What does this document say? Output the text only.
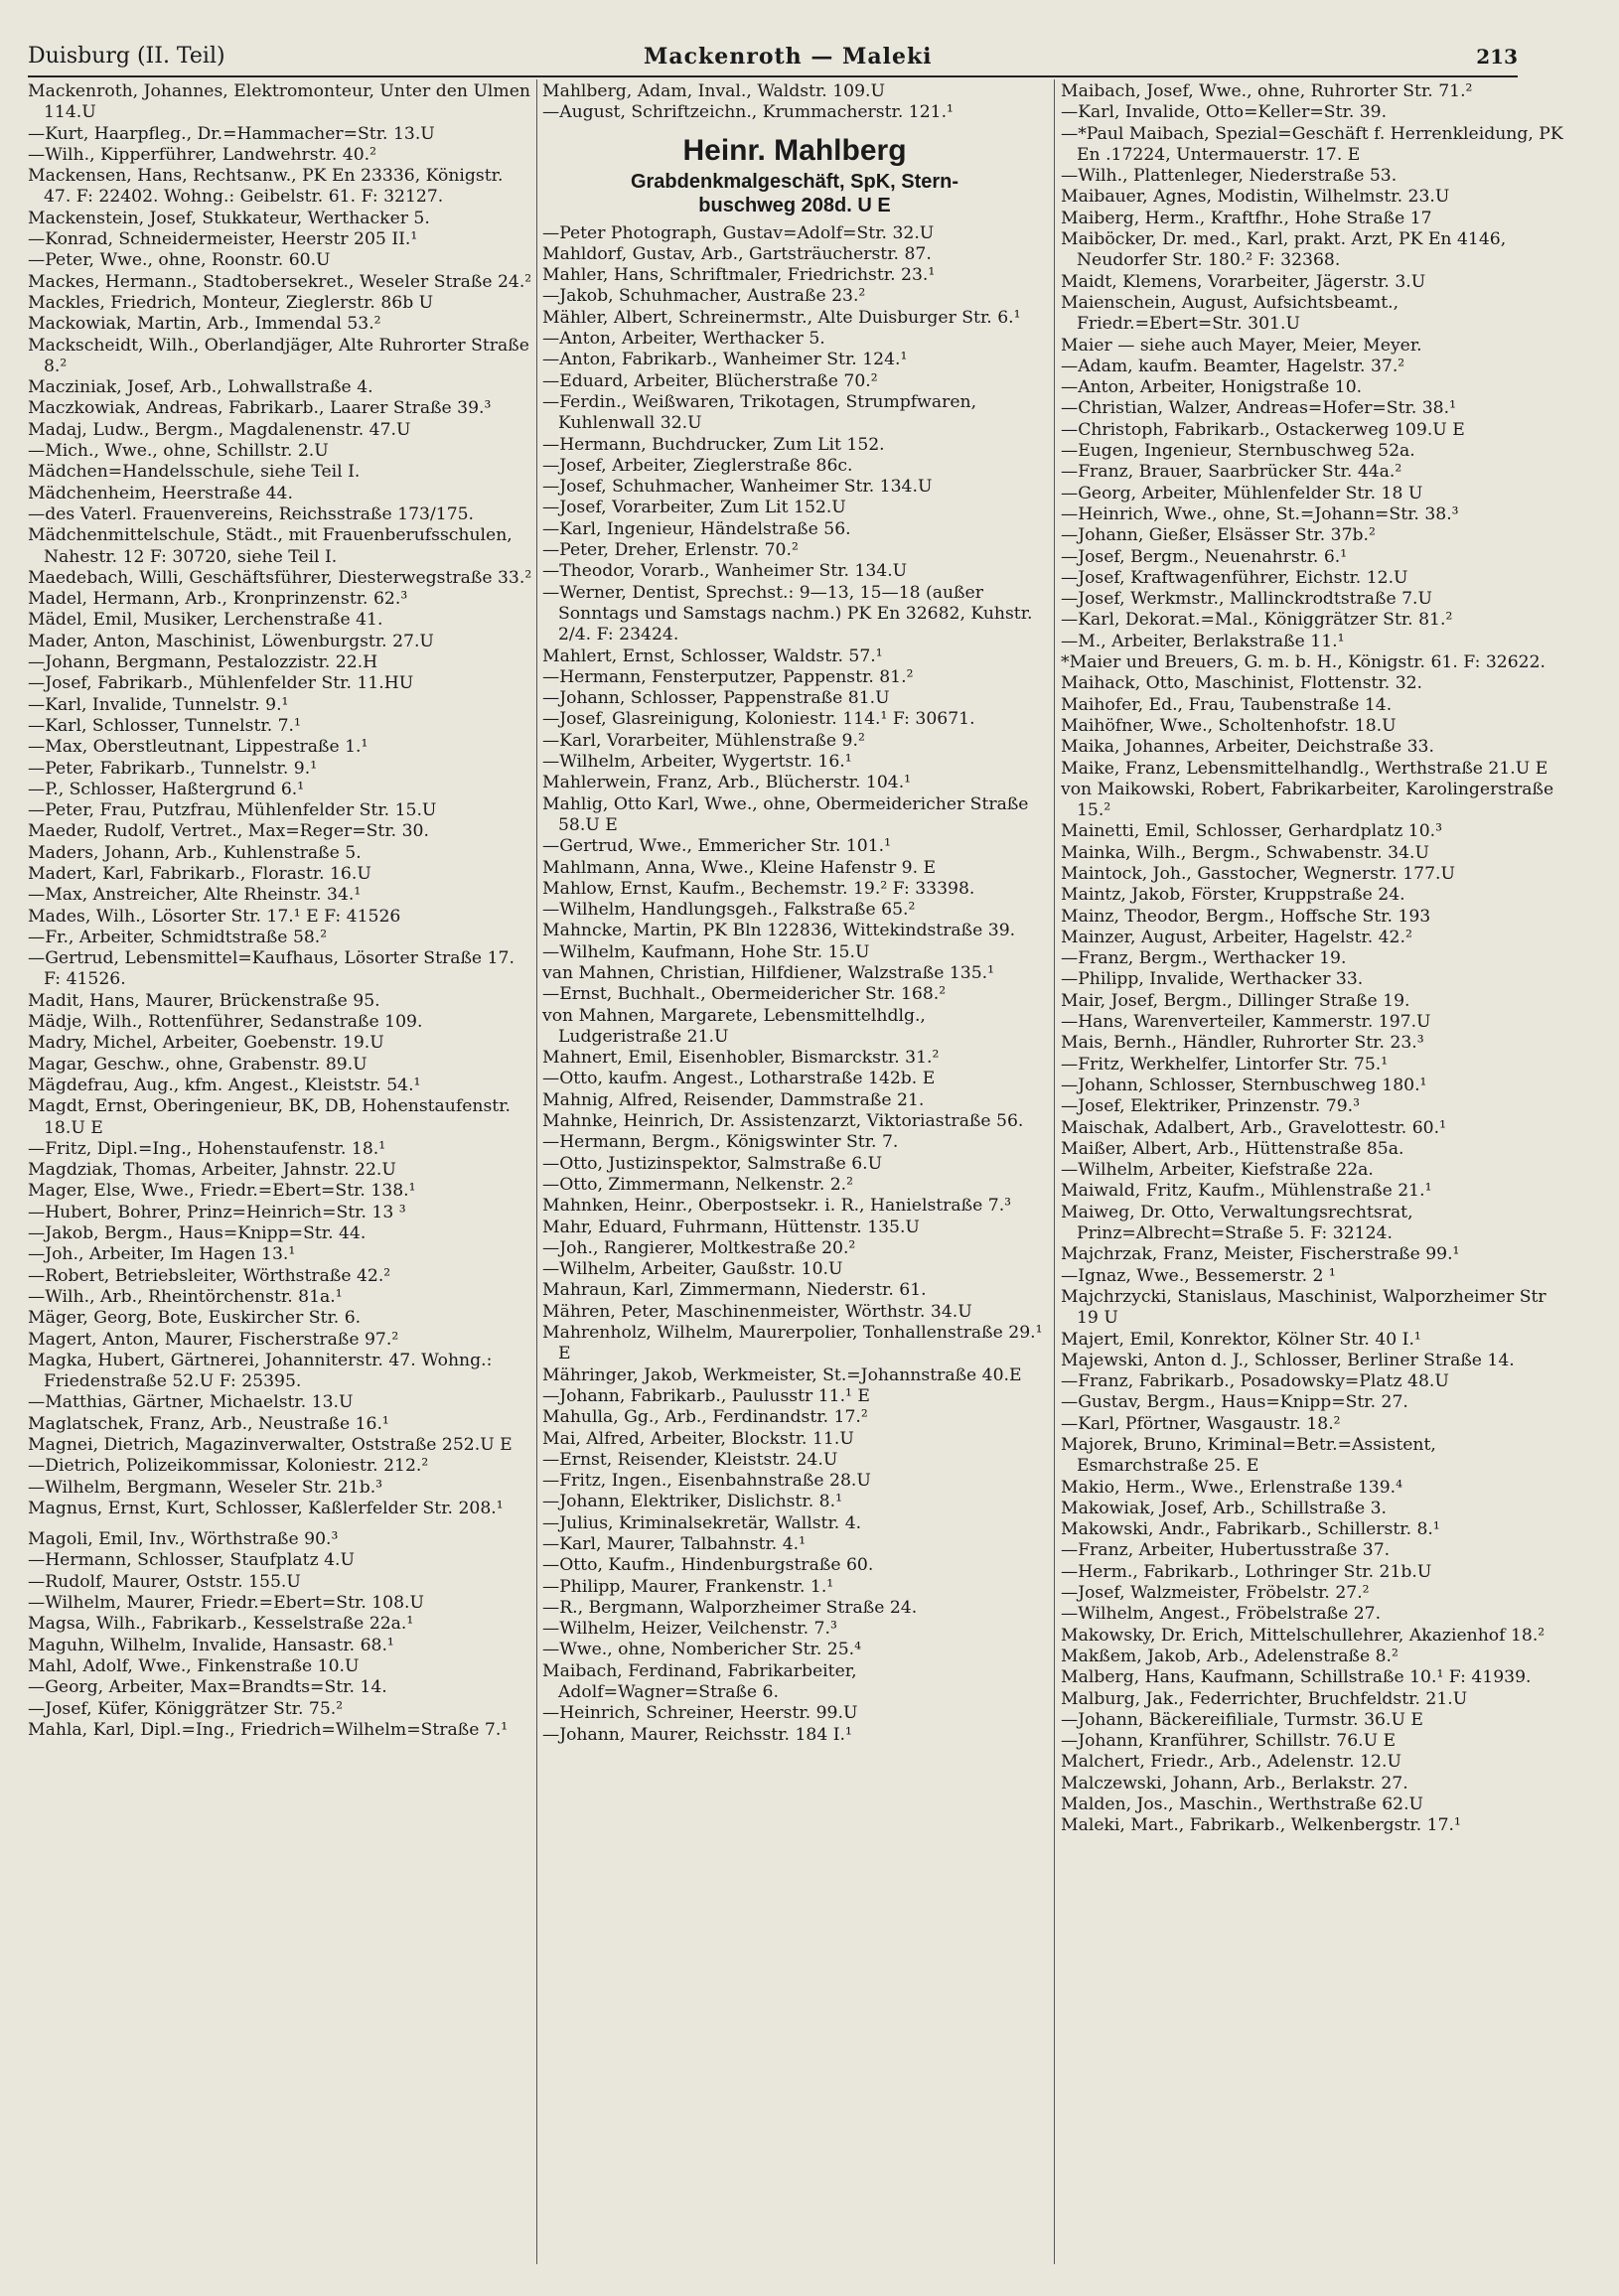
Duisburg (II. Teil)	Mackenroth — Maleki	213
Mackenroth, Johannes, Elektromonteur, Unter den Ulmen 114.U
—Kurt, Haarpfleg., Dr.=Hammacher=Str. 13.U
—Wilh., Kipperführer, Landwehrstr. 40.²
Mackensen, Hans, Rechtsanw., PK En 23336, Königstr. 47. F: 22402. Wohng.: Geibelstr. 61. F: 32127.
Mackenstein, Josef, Stukkateur, Werthacker 5.
—Konrad, Schneidermeister, Heerstr 205 II.¹
—Peter, Wwe., ohne, Roonstr. 60.U
Mackes, Hermann., Stadtobersekret., Weseler Straße 24.²
Mackles, Friedrich, Monteur, Zieglerstr. 86b U
Mackowiak, Martin, Arb., Immendal 53.²
Mackscheidt, Wilh., Oberlandjäger, Alte Ruhrorter Straße 8.²
Macziniak, Josef, Arb., Lohwallstraße 4.
Maczkowiak, Andreas, Fabrikarb., Laarer Straße 39.³
Madaj, Ludw., Bergm., Magdalenenstr. 47.U
—Mich., Wwe., ohne, Schillstr. 2.U
Mädchen=Handelsschule, siehe Teil I.
Mädchenheim, Heerstraße 44.
—des Vaterl. Frauenvereins, Reichsstraße 173/175.
Mädchenmittelschule, Städt., mit Frauenberufsschulen, Nahestr. 12 F: 30720, siehe Teil I.
Maedebach, Willi, Geschäftsführer, Diesterwegstraße 33.²
Madel, Hermann, Arb., Kronprinzenstr. 62.³
Mädel, Emil, Musiker, Lerchenstraße 41.
Mader, Anton, Maschinist, Löwenburgstr. 27.U
—Johann, Bergmann, Pestalozzistr. 22.H
—Josef, Fabrikarb., Mühlenfelder Str. 11.HU
—Karl, Invalide, Tunnelstr. 9.¹
—Karl, Schlosser, Tunnelstr. 7.¹
—Max, Oberstleutnant, Lippestraße 1.¹
—Peter, Fabrikarb., Tunnelstr. 9.¹
—P., Schlosser, Haßtergrund 6.¹
—Peter, Frau, Putzfrau, Mühlenfelder Str. 15.U
Maeder, Rudolf, Vertret., Max=Reger=Str. 30.
Maders, Johann, Arb., Kuhlenstraße 5.
Madert, Karl, Fabrikarb., Florastr. 16.U
—Max, Anstreicher, Alte Rheinstr. 34.¹
Mades, Wilh., Lösorter Str. 17.¹ E F: 41526
—Fr., Arbeiter, Schmidtstraße 58.²
—Gertrud, Lebensmittel=Kaufhaus, Lösorter Straße 17. F: 41526.
Madit, Hans, Maurer, Brückenstraße 95.
Mädje, Wilh., Rottenführer, Sedanstraße 109.
Madry, Michel, Arbeiter, Goebenstr. 19.U
Magar, Geschw., ohne, Grabenstr. 89.U
Mägdefrau, Aug., kfm. Angest., Kleiststr. 54.¹
Magdt, Ernst, Oberingenieur, BK, DB, Hohenstaufenstr. 18.U E
—Fritz, Dipl.=Ing., Hohenstaufenstr. 18.¹
Magdziak, Thomas, Arbeiter, Jahnstr. 22.U
Mager, Else, Wwe., Friedr.=Ebert=Str. 138.¹
—Hubert, Bohrer, Prinz=Heinrich=Str. 13 ³
—Jakob, Bergm., Haus=Knipp=Str. 44.
—Joh., Arbeiter, Im Hagen 13.¹
—Robert, Betriebsleiter, Wörthstraße 42.²
—Wilh., Arb., Rheintörchenstr. 81a.¹
Mäger, Georg, Bote, Euskircher Str. 6.
Magert, Anton, Maurer, Fischerstraße 97.²
Magka, Hubert, Gärtnerei, Johanniterstr. 47. Wohng.: Friedenstraße 52.U F: 25395.
—Matthias, Gärtner, Michaelstr. 13.U
Maglatschek, Franz, Arb., Neustraße 16.¹
Magnei, Dietrich, Magazinverwalter, Oststraße 252.U E
—Dietrich, Polizeikommissar, Koloniestr. 212.²
—Wilhelm, Bergmann, Weseler Str. 21b.³
Magnus, Ernst, Kurt, Schlosser, Kaßlerfelder Str. 208.¹
Magoli, Emil, Inv., Wörthstraße 90.³
—Hermann, Schlosser, Staufplatz 4.U
—Rudolf, Maurer, Oststr. 155.U
—Wilhelm, Maurer, Friedr.=Ebert=Str. 108.U
Magsa, Wilh., Fabrikarb., Kesselstraße 22a.¹
Maguhn, Wilhelm, Invalide, Hansastr. 68.¹
Mahl, Adolf, Wwe., Finkenstraße 10.U
—Georg, Arbeiter, Max=Brandts=Str. 14.
—Josef, Küfer, Königgrätzer Str. 75.²
Mahla, Karl, Dipl.=Ing., Friedrich=Wilhelm=Straße 7.¹
Mahlberg, Adam, Inval., Waldstr. 109.U
—August, Schriftzeichn., Krummacherstr. 121.¹
Heinr. Mahlberg
Grabdenkmalgeschäft, SpK, Stern-
buschweg 208d. U E
—Peter Photograph, Gustav=Adolf=Str. 32.U
Mahldorf, Gustav, Arb., Gartsträucherstr. 87.
Mahler, Hans, Schriftmaler, Friedrichstr. 23.¹
—Jakob, Schuhmacher, Austraße 23.²
Mähler, Albert, Schreinermstr., Alte Duisburger Str. 6.¹
—Anton, Arbeiter, Werthacker 5.
—Anton, Fabrikarb., Wanheimer Str. 124.¹
—Eduard, Arbeiter, Blücherstraße 70.²
—Ferdin., Weißwaren, Trikotagen, Strumpfwaren, Kuhlenwall 32.U
—Hermann, Buchdrucker, Zum Lit 152.
—Josef, Arbeiter, Zieglerstraße 86c.
—Josef, Schuhmacher, Wanheimer Str. 134.U
—Josef, Vorarbeiter, Zum Lit 152.U
—Karl, Ingenieur, Händelstraße 56.
—Peter, Dreher, Erlenstr. 70.²
—Theodor, Vorarb., Wanheimer Str. 134.U
—Werner, Dentist, Sprechst.: 9—13, 15—18 (außer Sonntags und Samstags nachm.) PK En 32682, Kuhstr. 2/4. F: 23424.
Mahlert, Ernst, Schlosser, Waldstr. 57.¹
—Hermann, Fensterputzer, Pappenstr. 81.²
—Johann, Schlosser, Pappenstraße 81.U
—Josef, Glasreinigung, Koloniestr. 114.¹ F: 30671.
—Karl, Vorarbeiter, Mühlenstraße 9.²
—Wilhelm, Arbeiter, Wygertstr. 16.¹
Mahlerwein, Franz, Arb., Blücherstr. 104.¹
Mahlig, Otto Karl, Wwe., ohne, Obermeidericher Straße 58.U E
—Gertrud, Wwe., Emmericher Str. 101.¹
Mahlmann, Anna, Wwe., Kleine Hafenstr 9. E
Mahlow, Ernst, Kaufm., Bechemstr. 19.² F: 33398.
—Wilhelm, Handlungsgeh., Falkstraße 65.²
Mahncke, Martin, PK Bln 122836, Wittekindstraße 39.
—Wilhelm, Kaufmann, Hohe Str. 15.U
van Mahnen, Christian, Hilfdiener, Walzstraße 135.¹
—Ernst, Buchhalt., Obermeidericher Str. 168.²
von Mahnen, Margarete, Lebensmittelhdlg., Ludgeristraße 21.U
Mahnert, Emil, Eisenhobler, Bismarckstr. 31.²
—Otto, kaufm. Angest., Lotharstraße 142b. E
Mahnig, Alfred, Reisender, Dammstraße 21.
Mahnke, Heinrich, Dr. Assistenzarzt, Viktoriastraße 56.
—Hermann, Bergm., Königswinter Str. 7.
—Otto, Justizinspektor, Salmstraße 6.U
—Otto, Zimmermann, Nelkenstr. 2.²
Mahnken, Heinr., Oberpostsekr. i. R., Hanielstraße 7.³
Mahr, Eduard, Fuhrmann, Hüttenstr. 135.U
—Joh., Rangierer, Moltkestraße 20.²
—Wilhelm, Arbeiter, Gaußstr. 10.U
Mahraun, Karl, Zimmermann, Niederstr. 61.
Mähren, Peter, Maschinenmeister, Wörthstr. 34.U
Mahrenholz, Wilhelm, Maurerpolier, Tonhallenstraße 29.¹ E
Mähringer, Jakob, Werkmeister, St.=Johannstraße 40.E
—Johann, Fabrikarb., Paulusstr 11.¹ E
Mahulla, Gg., Arb., Ferdinandstr. 17.²
Mai, Alfred, Arbeiter, Blockstr. 11.U
—Ernst, Reisender, Kleiststr. 24.U
—Fritz, Ingen., Eisenbahnstraße 28.U
—Johann, Elektriker, Dislichstr. 8.¹
—Julius, Kriminalsekretär, Wallstr. 4.
—Karl, Maurer, Talbahnstr. 4.¹
—Otto, Kaufm., Hindenburgstraße 60.
—Philipp, Maurer, Frankenstr. 1.¹
—R., Bergmann, Walporzheimer Straße 24.
—Wilhelm, Heizer, Veilchenstr. 7.³
—Wwe., ohne, Nombericher Str. 25.⁴
Maibach, Ferdinand, Fabrikarbeiter, Adolf=Wagner=Straße 6.
—Heinrich, Schreiner, Heerstr. 99.U
—Johann, Maurer, Reichsstr. 184 I.¹
Maibach, Josef, Wwe., ohne, Ruhrorter Str. 71.²
—Karl, Invalide, Otto=Keller=Str. 39.
—*Paul Maibach, Spezial=Geschäft f. Herrenkleidung, PK En .17224, Untermauerstr. 17. E
—Wilh., Plattenleger, Niederstraße 53.
Maibauer, Agnes, Modistin, Wilhelmstr. 23.U
Maiberg, Herm., Kraftfhr., Hohe Straße 17
Maiböcker, Dr. med., Karl, prakt. Arzt, PK En 4146, Neudorfer Str. 180.² F: 32368.
Maidt, Klemens, Vorarbeiter, Jägerstr. 3.U
Maienschein, August, Aufsichtsbeamt., Friedr.=Ebert=Str. 301.U
Maier — siehe auch Mayer, Meier, Meyer.
—Adam, kaufm. Beamter, Hagelstr. 37.²
—Anton, Arbeiter, Honigstraße 10.
—Christian, Walzer, Andreas=Hofer=Str. 38.¹
—Christoph, Fabrikarb., Ostackerweg 109.U E
—Eugen, Ingenieur, Sternbuschweg 52a.
—Franz, Brauer, Saarbrücker Str. 44a.²
—Georg, Arbeiter, Mühlenfelder Str. 18 U
—Heinrich, Wwe., ohne, St.=Johann=Str. 38.³
—Johann, Gießer, Elsässer Str. 37b.²
—Josef, Bergm., Neuenahrstr. 6.¹
—Josef, Kraftwagenführer, Eichstr. 12.U
—Josef, Werkmstr., Mallinckrodtstraße 7.U
—Karl, Dekorat.=Mal., Königgrätzer Str. 81.²
—M., Arbeiter, Berlakstraße 11.¹
*Maier und Breuers, G. m. b. H., Königstr. 61. F: 32622.
Maihack, Otto, Maschinist, Flottenstr. 32.
Maihofer, Ed., Frau, Taubenstraße 14.
Maihöfner, Wwe., Scholtenhofstr. 18.U
Maika, Johannes, Arbeiter, Deichstraße 33.
Maike, Franz, Lebensmittelhandlg., Werthstraße 21.U E
von Maikowski, Robert, Fabrikarbeiter, Karolingerstraße 15.²
Mainetti, Emil, Schlosser, Gerhardplatz 10.³
Mainka, Wilh., Bergm., Schwabenstr. 34.U
Maintock, Joh., Gasstocher, Wegnerstr. 177.U
Maintz, Jakob, Förster, Kruppstraße 24.
Mainz, Theodor, Bergm., Hoffsche Str. 193
Mainzer, August, Arbeiter, Hagelstr. 42.²
—Franz, Bergm., Werthacker 19.
—Philipp, Invalide, Werthacker 33.
Mair, Josef, Bergm., Dillinger Straße 19.
—Hans, Warenverteiler, Kammerstr. 197.U
Mais, Bernh., Händler, Ruhrorter Str. 23.³
—Fritz, Werkhelfer, Lintorfer Str. 75.¹
—Johann, Schlosser, Sternbuschweg 180.¹
—Josef, Elektriker, Prinzenstr. 79.³
Maischak, Adalbert, Arb., Gravelottestr. 60.¹
Maißer, Albert, Arb., Hüttenstraße 85a.
—Wilhelm, Arbeiter, Kiefstraße 22a.
Maiwald, Fritz, Kaufm., Mühlenstraße 21.¹
Maiweg, Dr. Otto, Verwaltungsrechtsrat, Prinz=Albrecht=Straße 5. F: 32124.
Majchrzak, Franz, Meister, Fischerstraße 99.¹
—Ignaz, Wwe., Bessemerstr. 2 ¹
Majchrzycki, Stanislaus, Maschinist, Walporzheimer Str 19 U
Majert, Emil, Konrektor, Kölner Str. 40 I.¹
Majewski, Anton d. J., Schlosser, Berliner Straße 14.
—Franz, Fabrikarb., Posadowsky=Platz 48.U
—Gustav, Bergm., Haus=Knipp=Str. 27.
—Karl, Pförtner, Wasgaustr. 18.²
Majorek, Bruno, Kriminal=Betr.=Assistent, Esmarchstraße 25. E
Makio, Herm., Wwe., Erlenstraße 139.⁴
Makowiak, Josef, Arb., Schillstraße 3.
Makowski, Andr., Fabrikarb., Schillerstr. 8.¹
—Franz, Arbeiter, Hubertusstraße 37.
—Herm., Fabrikarb., Lothringer Str. 21b.U
—Josef, Walzmeister, Fröbelstr. 27.²
—Wilhelm, Angest., Fröbelstraße 27.
Makowsky, Dr. Erich, Mittelschullehrer, Akazienhof 18.²
Makßem, Jakob, Arb., Adelenstraße 8.²
Malberg, Hans, Kaufmann, Schillstraße 10.¹ F: 41939.
Malburg, Jak., Federrichter, Bruchfeldstr. 21.U
—Johann, Bäckereifiliale, Turmstr. 36.U E
—Johann, Kranführer, Schillstr. 76.U E
Malchert, Friedr., Arb., Adelenstr. 12.U
Malczewski, Johann, Arb., Berlakstr. 27.
Malden, Jos., Maschin., Werthstraße 62.U
Maleki, Mart., Fabrikarb., Welkenbergstr. 17.¹
